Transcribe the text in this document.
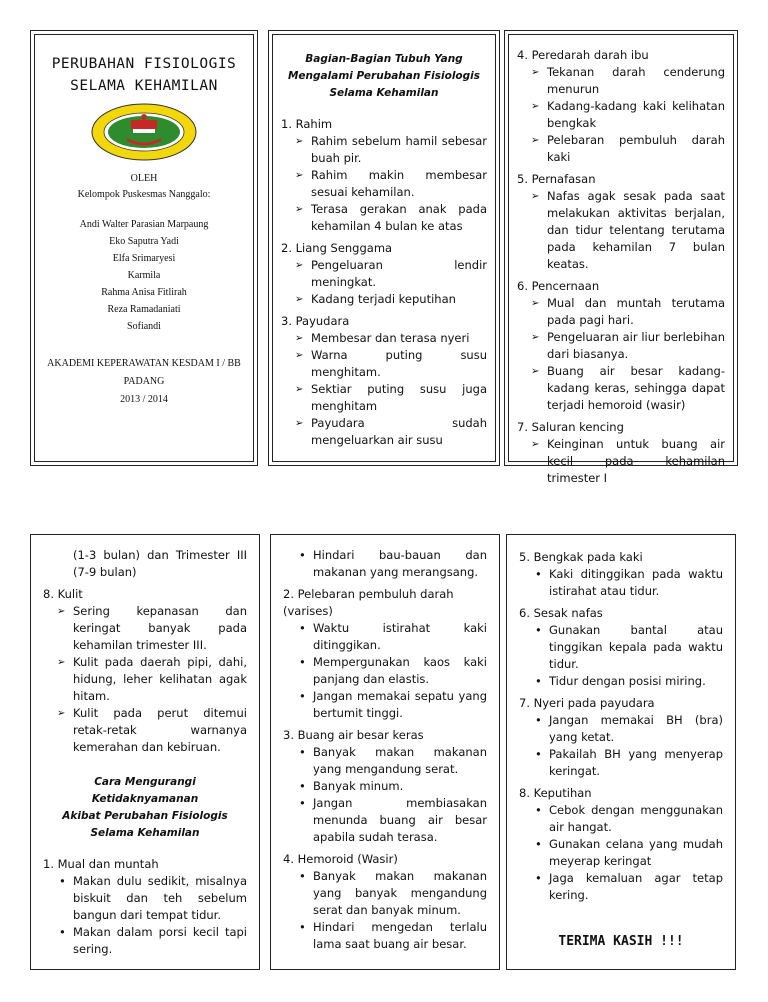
PERUBAHAN FISIOLOGIS
SELAMA KEHAMILAN
OLEH
Kelompok Puskesmas Nanggalo:
Andi Walter Parasian Marpaung
Eko Saputra Yadi
Elfa Srimaryesi
Karmila
Rahma Anisa Fitlirah
Reza Ramadaniati
Sofiandi
AKADEMI KEPERAWATAN KESDAM I / BB
PADANG
2013 / 2014
Bagian-Bagian Tubuh Yang
Mengalami Perubahan Fisiologis
Selama Kehamilan
1. Rahim
➢ Rahim sebelum hamil sebesar buah pir.
➢ Rahim makin membesar sesuai kehamilan.
➢ Terasa gerakan anak pada kehamilan 4 bulan ke atas
2. Liang Senggama
➢ Pengeluaran lendir meningkat.
➢ Kadang terjadi keputihan
3. Payudara
➢ Membesar dan terasa nyeri
➢ Warna puting susu menghitam.
➢ Sektiar puting susu juga menghitam
➢ Payudara sudah mengeluarkan air susu
4. Peredarah darah ibu
➢ Tekanan darah cenderung menurun
➢ Kadang-kadang kaki kelihatan bengkak
➢ Pelebaran pembuluh darah kaki
5. Pernafasan
➢ Nafas agak sesak pada saat melakukan aktivitas berjalan, dan tidur telentang terutama pada kehamilan 7 bulan keatas.
6. Pencernaan
➢ Mual dan muntah terutama pada pagi hari.
➢ Pengeluaran air liur berlebihan dari biasanya.
➢ Buang air besar kadang-kadang keras, sehingga dapat terjadi hemoroid (wasir)
7. Saluran kencing
➢ Keinginan untuk buang air kecil pada kehamilan trimester I
(1-3 bulan) dan Trimester III (7-9 bulan)
8. Kulit
➢ Sering kepanasan dan keringat banyak pada kehamilan trimester III.
➢ Kulit pada daerah pipi, dahi, hidung, leher kelihatan agak hitam.
➢ Kulit pada perut ditemui retak-retak warnanya kemerahan dan kebiruan.
Cara Mengurangi Ketidaknyamanan
Akibat Perubahan Fisiologis
Selama Kehamilan
1. Mual dan muntah
• Makan dulu sedikit, misalnya biskuit dan teh sebelum bangun dari tempat tidur.
• Makan dalam porsi kecil tapi sering.
• Hindari bau-bauan dan makanan yang merangsang.
2. Pelebaran pembuluh darah (varises)
• Waktu istirahat kaki ditinggikan.
• Mempergunakan kaos kaki panjang dan elastis.
• Jangan memakai sepatu yang bertumit tinggi.
3. Buang air besar keras
• Banyak makan makanan yang mengandung serat.
• Banyak minum.
• Jangan membiasakan menunda buang air besar apabila sudah terasa.
4. Hemoroid (Wasir)
• Banyak makan makanan yang banyak mengandung serat dan banyak minum.
• Hindari mengedan terlalu lama saat buang air besar.
5. Bengkak pada kaki
• Kaki ditinggikan pada waktu istirahat atau tidur.
6. Sesak nafas
• Gunakan bantal atau tinggikan kepala pada waktu tidur.
• Tidur dengan posisi miring.
7. Nyeri pada payudara
• Jangan memakai BH (bra) yang ketat.
• Pakailah BH yang menyerap keringat.
8. Keputihan
• Cebok dengan menggunakan air hangat.
• Gunakan celana yang mudah meyerap keringat
• Jaga kemaluan agar tetap kering.
TERIMA KASIH !!!
